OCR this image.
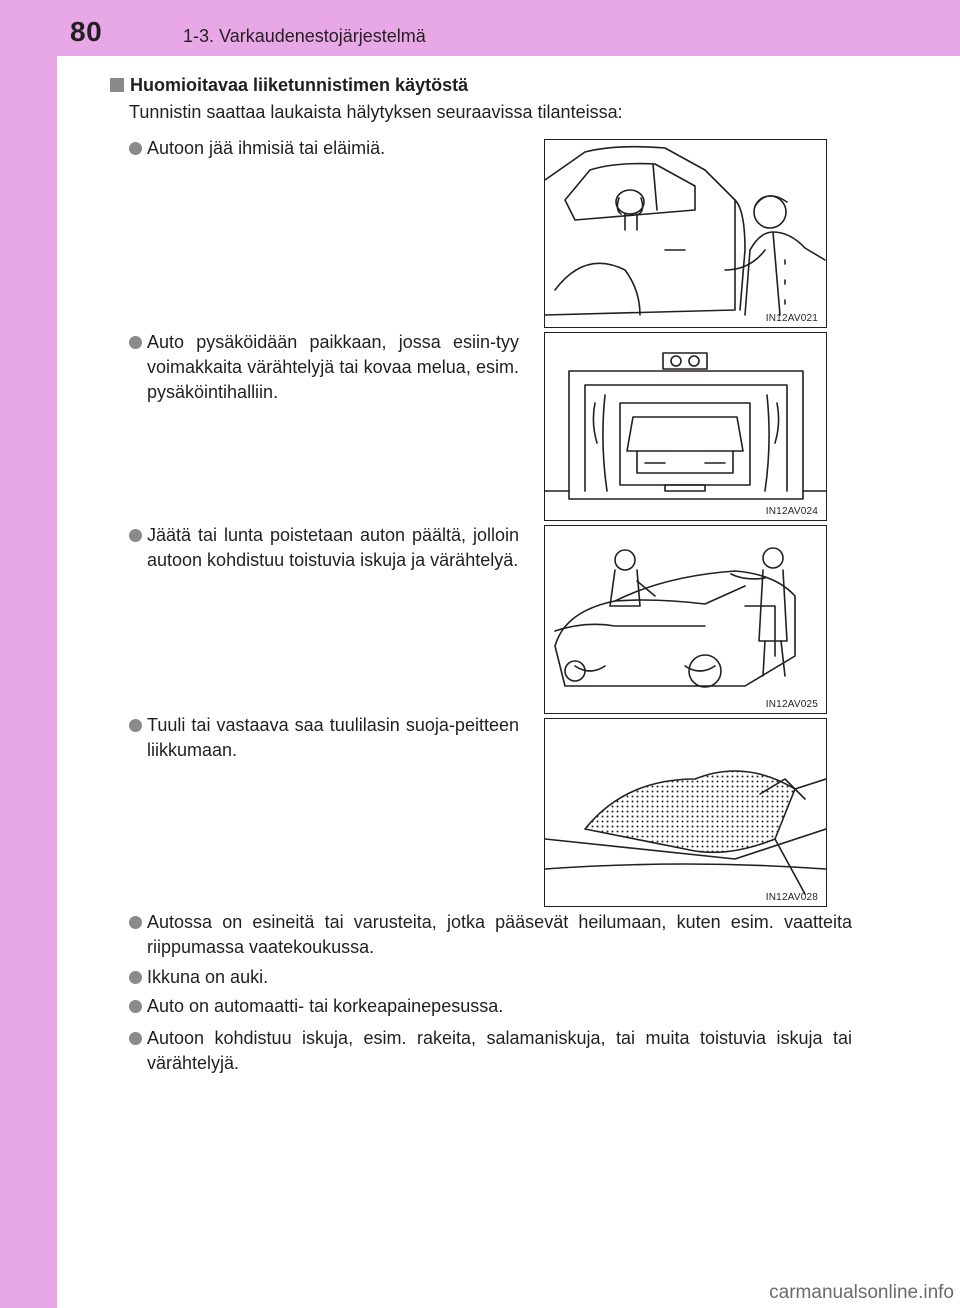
80	1-3. Varkaudenestojärjestelmä
Huomioitavaa liiketunnistimen käytöstä
Tunnistin saattaa laukaista hälytyksen seuraavissa tilanteissa:
Autoon jää ihmisiä tai eläimiä.
Auto pysäköidään paikkaan, jossa esiin-tyy voimakkaita värähtelyjä tai kovaa melua, esim. pysäköintihalliin.
Jäätä tai lunta poistetaan auton päältä, jolloin autoon kohdistuu toistuvia iskuja ja värähtelyä.
Tuuli tai vastaava saa tuulilasin suoja-peitteen liikkumaan.
Autossa on esineitä tai varusteita, jotka pääsevät heilumaan, kuten esim. vaatteita riippumassa vaatekoukussa.
Ikkuna on auki.
Auto on automaatti- tai korkeapainepesussa.
Autoon kohdistuu iskuja, esim. rakeita, salamaniskuja, tai muita toistuvia iskuja tai värähtelyjä.
IN12AV021
IN12AV024
IN12AV025
IN12AV028
carmanualsonline.info
